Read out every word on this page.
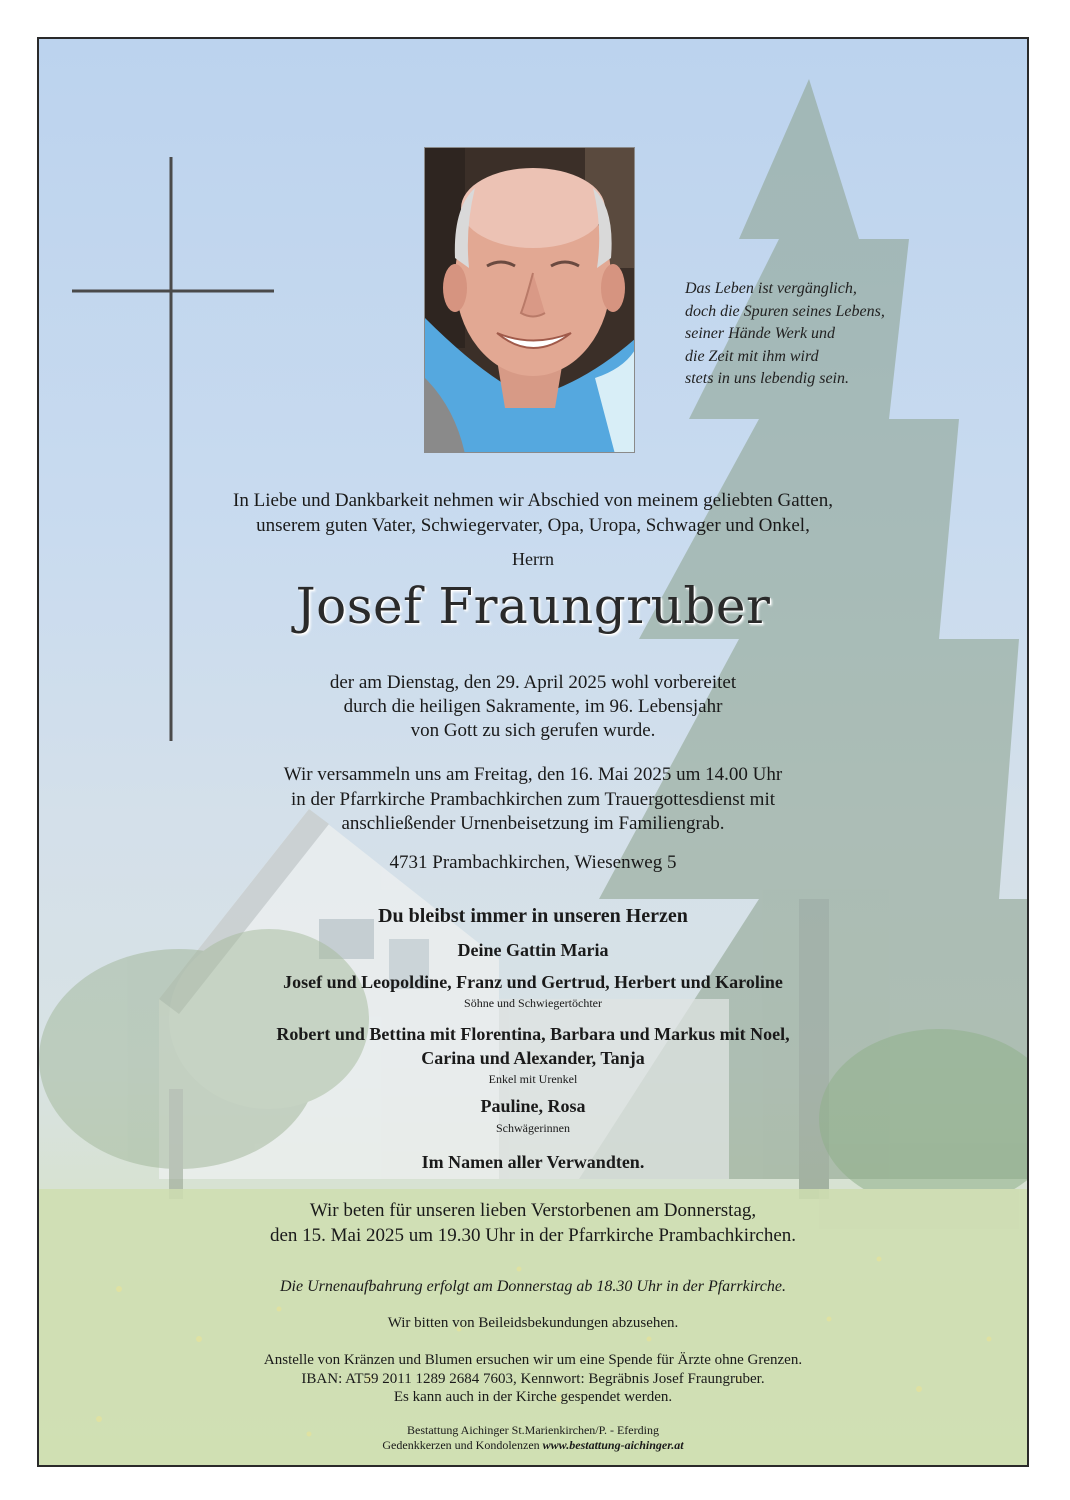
Das Leben ist vergänglich,
doch die Spuren seines Lebens,
seiner Hände Werk und
die Zeit mit ihm wird
stets in uns lebendig sein.
In Liebe und Dankbarkeit nehmen wir Abschied von meinem geliebten Gatten,
unserem guten Vater, Schwiegervater, Opa, Uropa, Schwager und Onkel,
Herrn
Josef Fraungruber
der am Dienstag, den 29. April 2025 wohl vorbereitet
durch die heiligen Sakramente, im 96. Lebensjahr
von Gott zu sich gerufen wurde.
Wir versammeln uns am Freitag, den 16. Mai 2025 um 14.00 Uhr
in der Pfarrkirche Prambachkirchen zum Trauergottesdienst mit
anschließender Urnenbeisetzung im Familiengrab.
4731 Prambachkirchen, Wiesenweg 5
Du bleibst immer in unseren Herzen
Deine Gattin Maria
Josef und Leopoldine, Franz und Gertrud, Herbert und Karoline
Söhne und Schwiegertöchter
Robert und Bettina mit Florentina, Barbara und Markus mit Noel,
Carina und Alexander, Tanja
Enkel mit Urenkel
Pauline, Rosa
Schwägerinnen
Im Namen aller Verwandten.
Wir beten für unseren lieben Verstorbenen am Donnerstag,
den 15. Mai 2025 um 19.30 Uhr in der Pfarrkirche Prambachkirchen.
Die Urnenaufbahrung erfolgt am Donnerstag ab 18.30 Uhr in der Pfarrkirche.
Wir bitten von Beileidsbekundungen abzusehen.
Anstelle von Kränzen und Blumen ersuchen wir um eine Spende für Ärzte ohne Grenzen.
IBAN: AT59 2011 1289 2684 7603, Kennwort: Begräbnis Josef Fraungruber.
Es kann auch in der Kirche gespendet werden.
Bestattung Aichinger St.Marienkirchen/P. - Eferding
Gedenkkerzen und Kondolenzen www.bestattung-aichinger.at
